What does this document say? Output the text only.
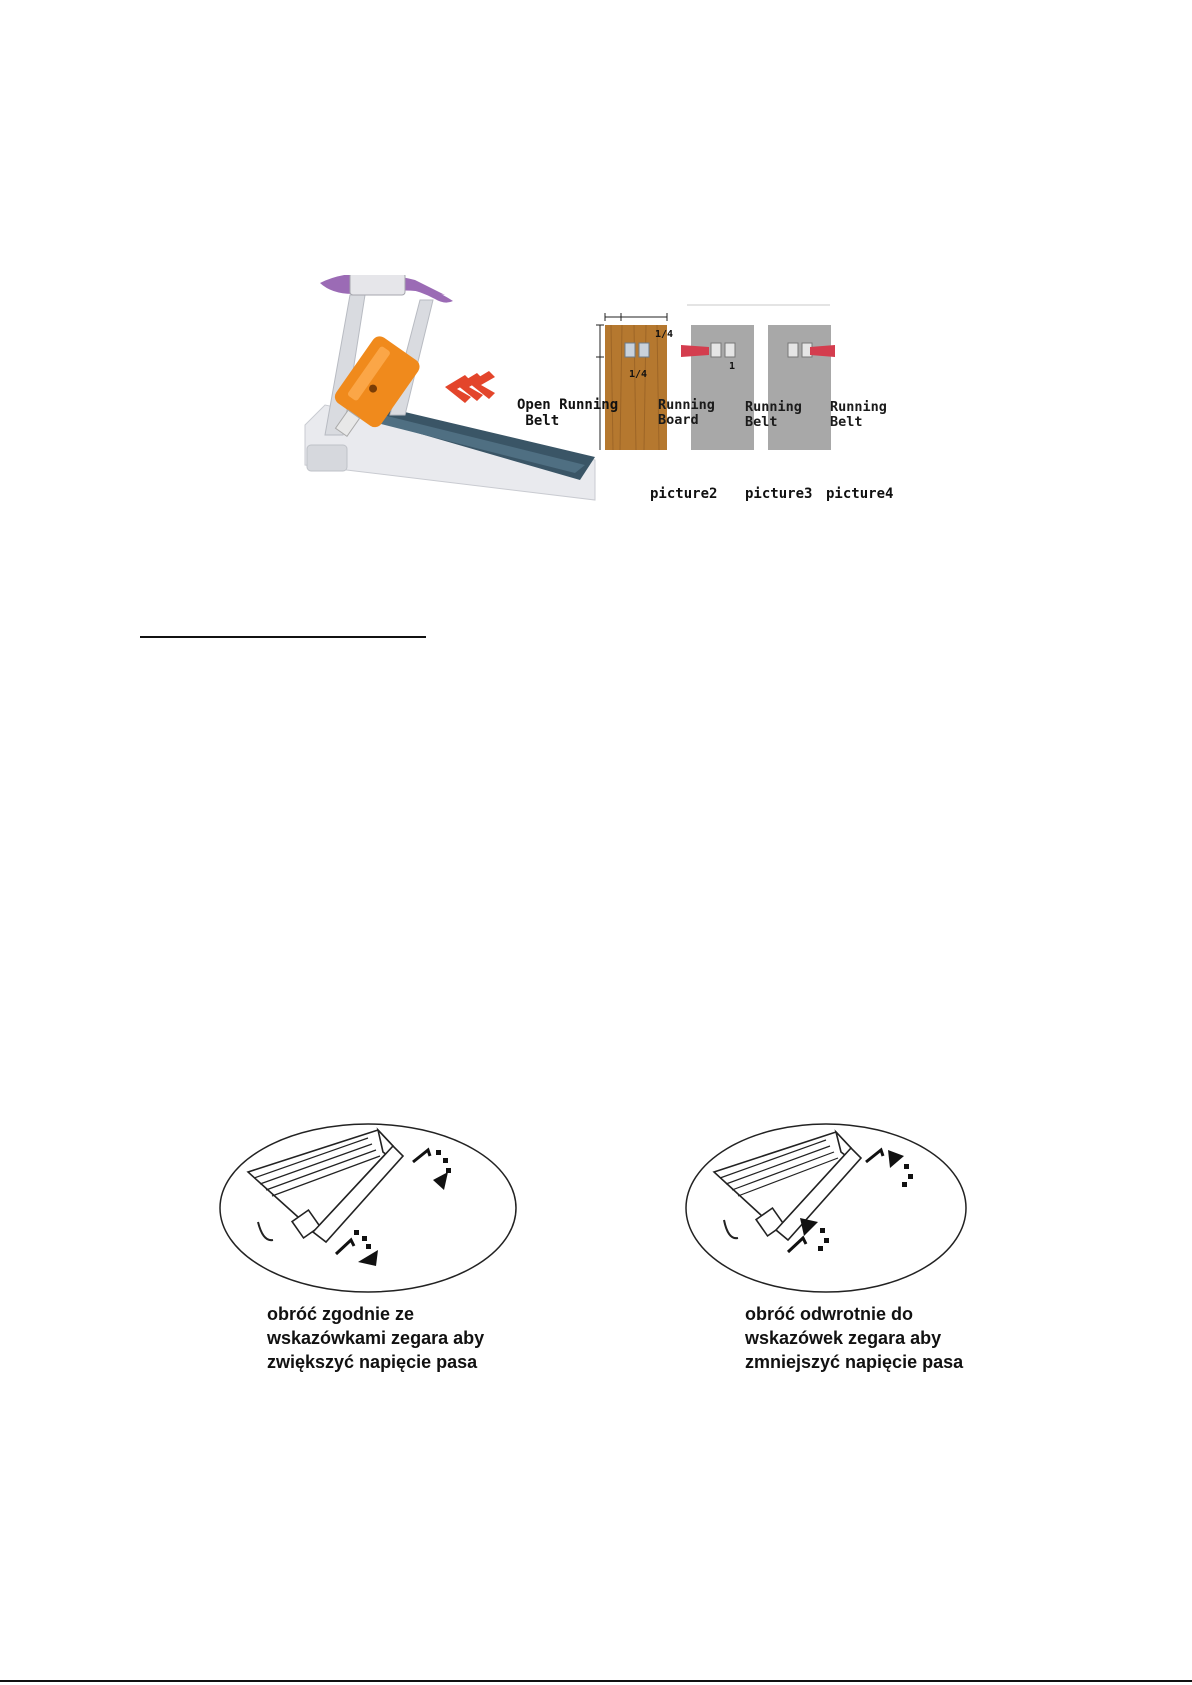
Open Running
Belt
1/4
1/4
1
Running
Board
Running
Belt
Running
Belt
picture2 picture3 picture4
obróć zgodnie ze
wskazówkami zegara aby
zwiększyć napięcie pasa
obróć odwrotnie do
wskazówek zegara aby
zmniejszyć napięcie pasa
